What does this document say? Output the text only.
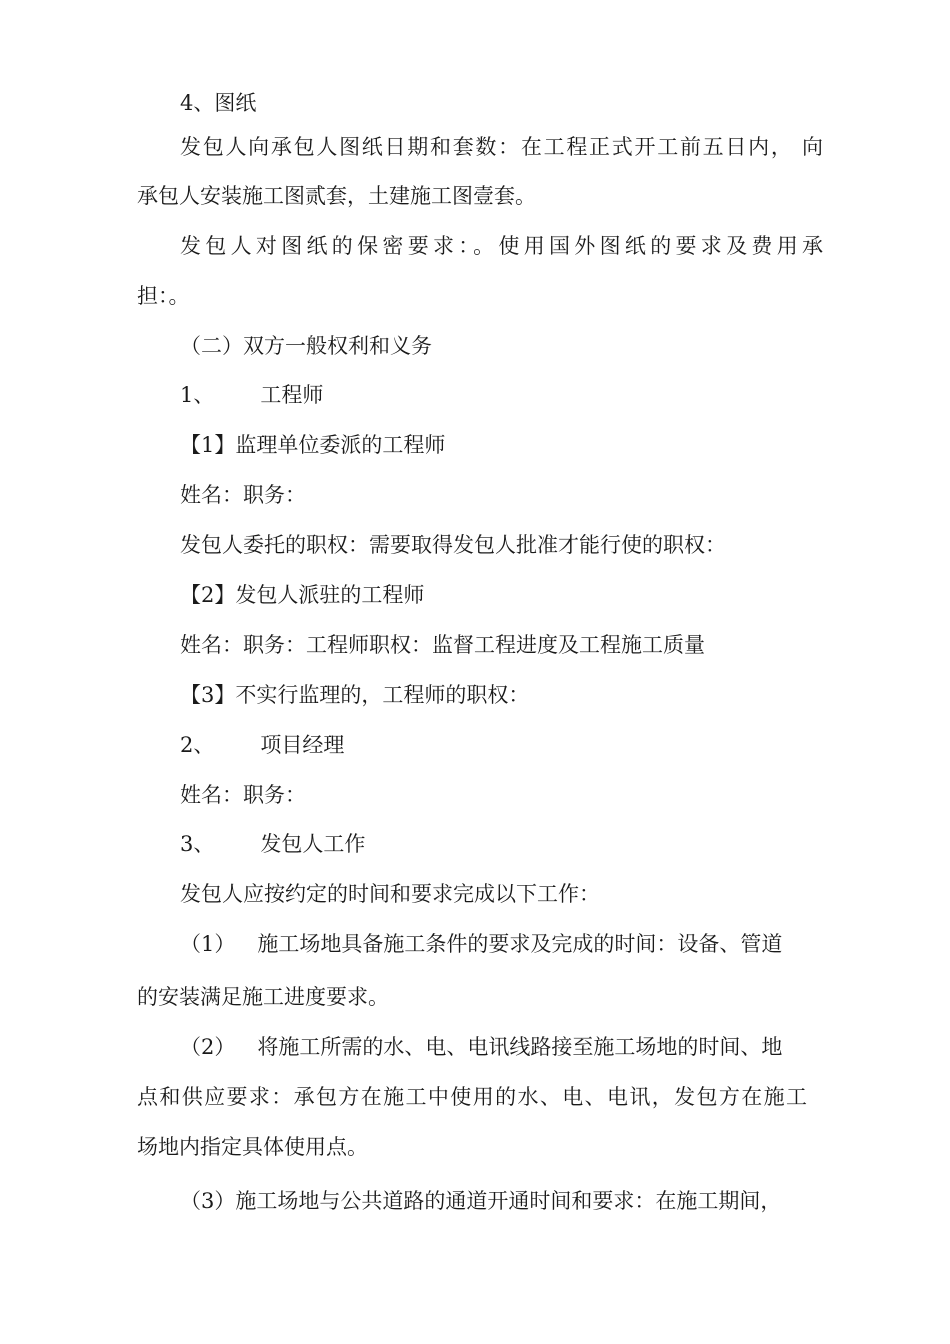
4、图纸
发包人向承包人图纸日期和套数：在工程正式开工前五日内， 向
承包人安装施工图贰套，土建施工图壹套。
发包人对图纸的保密要求：。使用国外图纸的要求及费用承
担：。
（二）双方一般权利和义务
1、 工程师
【1】监理单位委派的工程师
姓名：职务：
发包人委托的职权：需要取得发包人批准才能行使的职权：
【2】发包人派驻的工程师
姓名：职务：工程师职权：监督工程进度及工程施工质量
【3】不实行监理的，工程师的职权：
2、 项目经理
姓名：职务：
3、 发包人工作
发包人应按约定的时间和要求完成以下工作：
（1） 施工场地具备施工条件的要求及完成的时间：设备、管道
的安装满足施工进度要求。
（2） 将施工所需的水、电、电讯线路接至施工场地的时间、地
点和供应要求：承包方在施工中使用的水、电、电讯，发包方在施工
场地内指定具体使用点。
（3）施工场地与公共道路的通道开通时间和要求：在施工期间，
